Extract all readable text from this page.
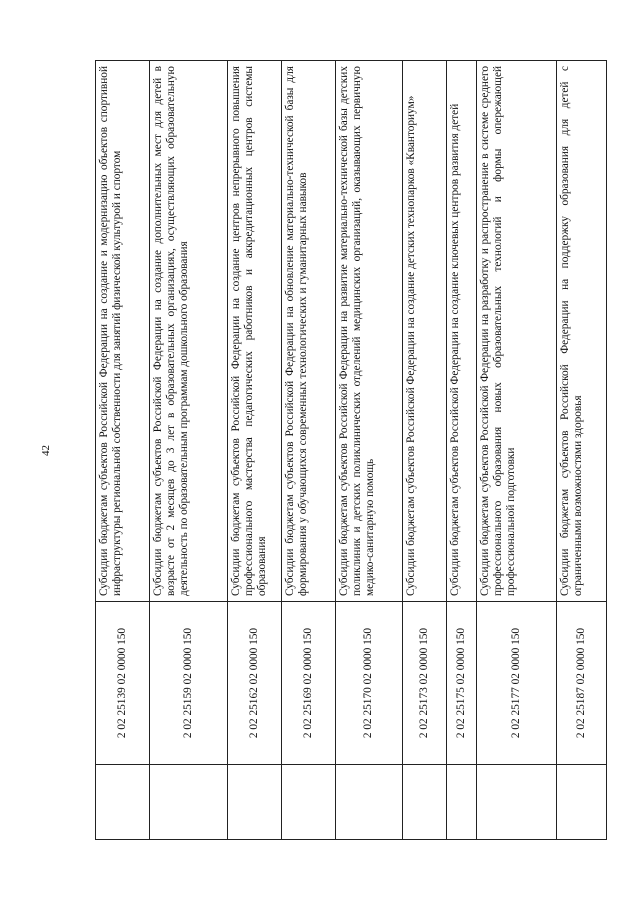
42
	2 02 25139 02 0000 150	Субсидии бюджетам субъектов Российской Федерации на создание и модернизацию объектов спортивной инфраструктуры региональной собственности для занятий физической культурой и спортом
	2 02 25159 02 0000 150	Субсидии бюджетам субъектов Российской Федерации на создание дополнительных мест для детей в возрасте от 2 месяцев до 3 лет в образовательных организациях, осуществляющих образовательную деятельность по образовательным программам дошкольного образования
	2 02 25162 02 0000 150	Субсидии бюджетам субъектов Российской Федерации на создание центров непрерывного повышения профессионального мастерства педагогических работников и аккредитационных центров системы образования
	2 02 25169 02 0000 150	Субсидии бюджетам субъектов Российской Федерации на обновление материально-технической базы для формирования у обучающихся современных технологических и гуманитарных навыков
	2 02 25170 02 0000 150	Субсидии бюджетам субъектов Российской Федерации на развитие материально-технической базы детских поликлиник и детских поликлинических отделений медицинских организаций, оказывающих первичную медико-санитарную помощь
	2 02 25173 02 0000 150	Субсидии бюджетам субъектов Российской Федерации на создание детских технопарков «Кванториум»
	2 02 25175 02 0000 150	Субсидии бюджетам субъектов Российской Федерации на создание ключевых центров развития детей
	2 02 25177 02 0000 150	Субсидии бюджетам субъектов Российской Федерации на разработку и распространение в системе среднего профессионального образования новых образовательных технологий и формы опережающей профессиональной подготовки
	2 02 25187 02 0000 150	Субсидии бюджетам субъектов Российской Федерации на поддержку образования для детей с ограниченными возможностями здоровья
